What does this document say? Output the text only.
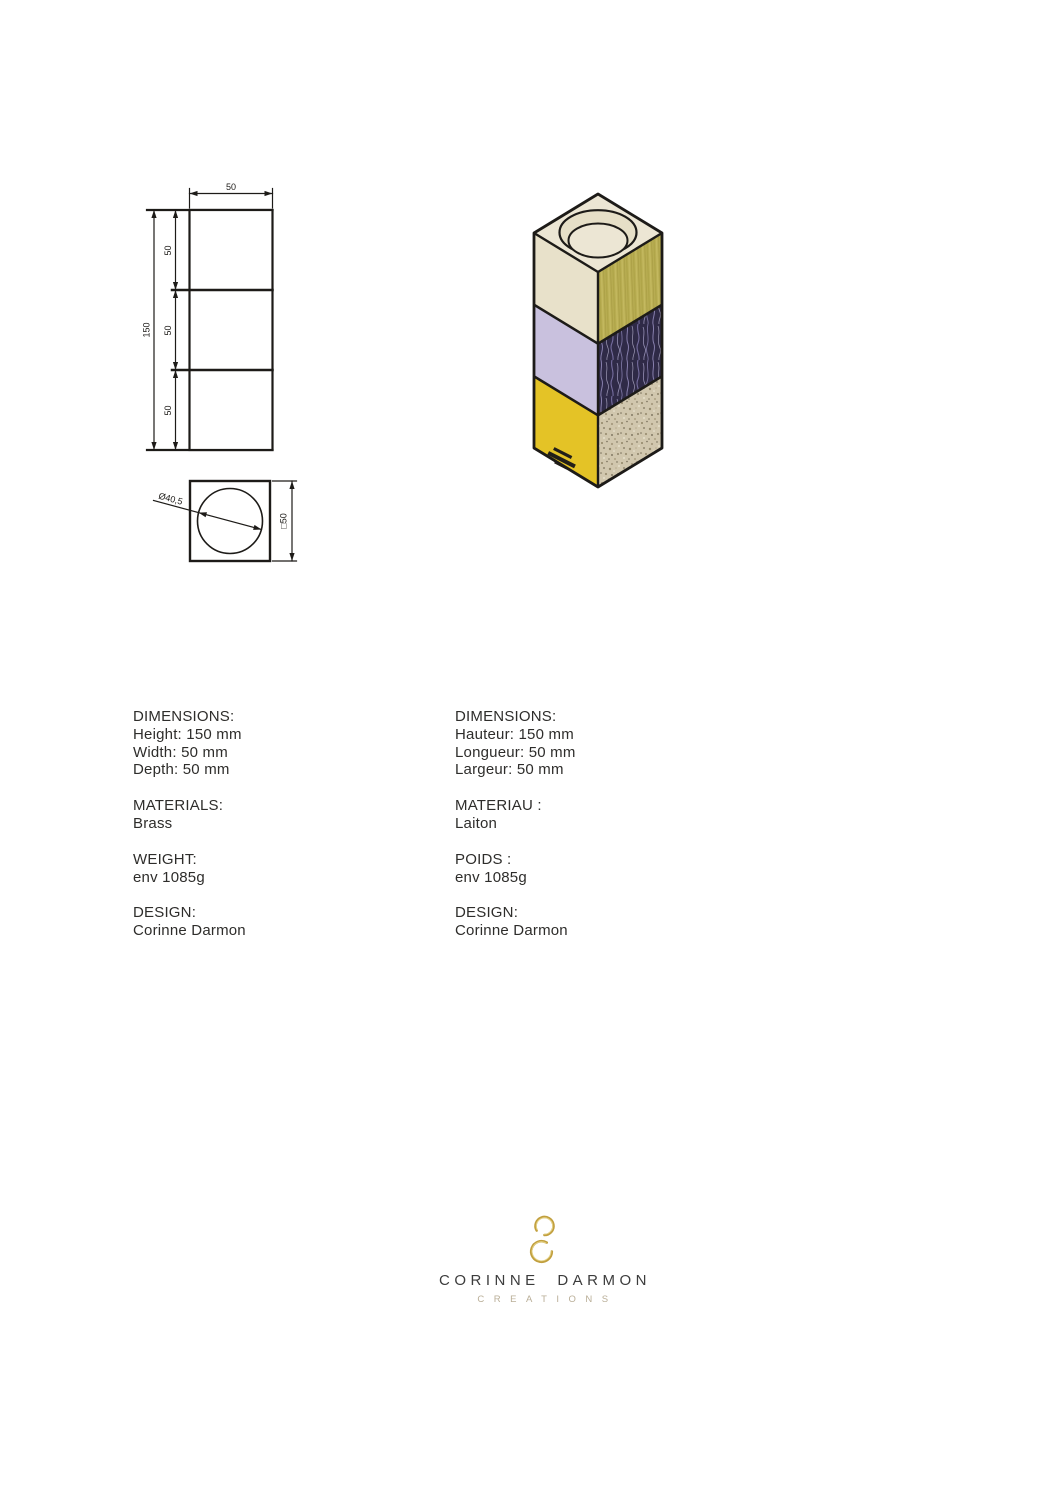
50
150
50
50
50
Ø40,5
□50

DIMENSIONS:

Height: 150 mm

Width: 50 mm

Depth: 50 mm

MATERIALS:

Brass

WEIGHT:

env 1085g

DESIGN:

Corinne Darmon

DIMENSIONS:

Hauteur: 150 mm

Longueur: 50 mm

Largeur: 50 mm

MATERIAU :

Laiton

POIDS :

env 1085g

DESIGN:

Corinne Darmon

CORINNE DARMON
CREATIONS
